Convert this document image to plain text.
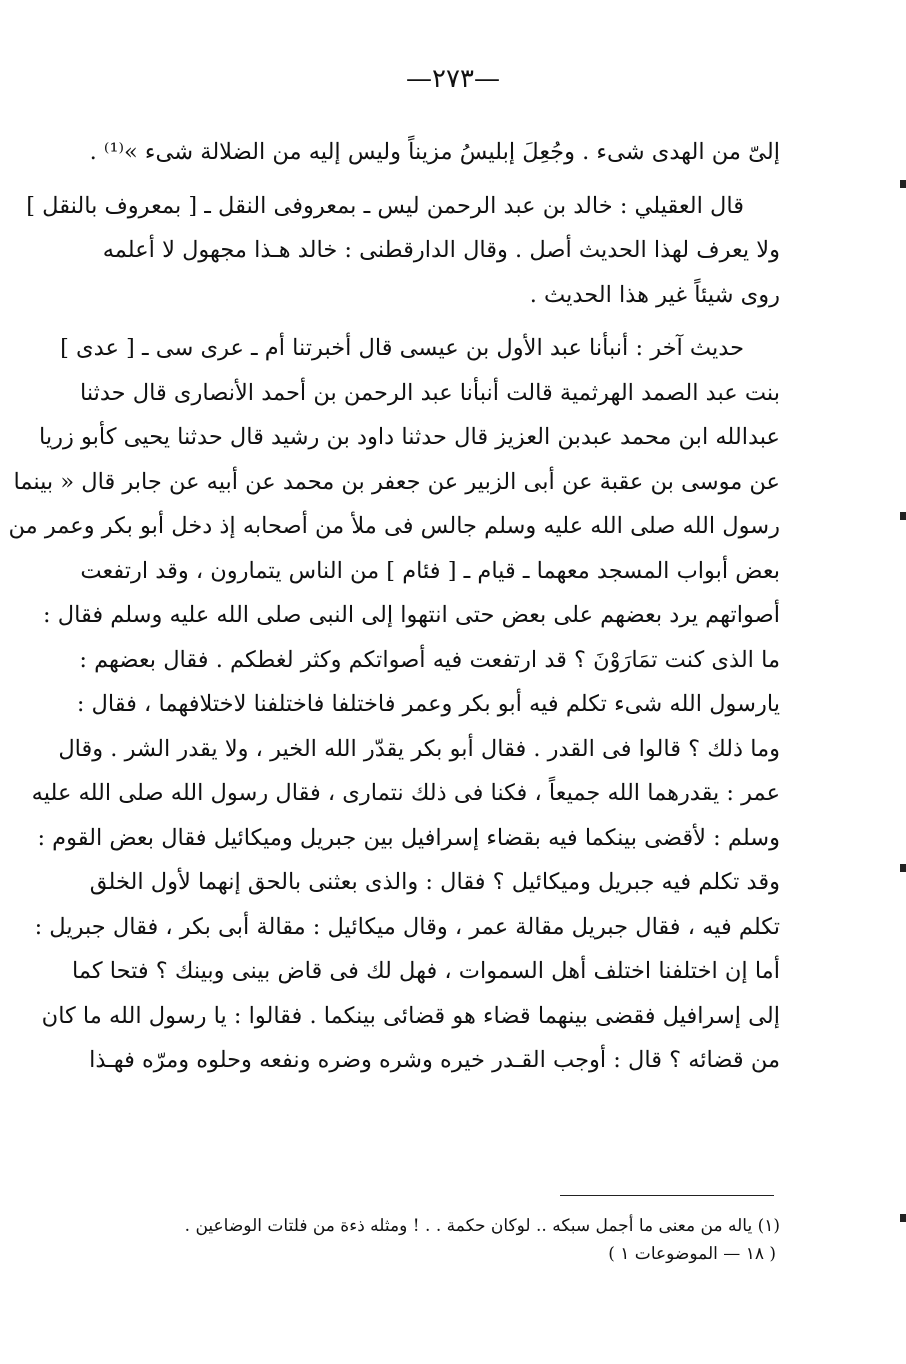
—٢٧٣—
إلىّ من الهدى شىء . وجُعِلَ إبليسُ مزيناً وليس إليه من الضلالة شىء »⁽¹⁾ .
قال العقيلي : خالد بن عبد الرحمن ليس ـ بمعروفى النقل ـ [ بمعروف بالنقل ]
ولا يعرف لهذا الحديث أصل . وقال الدارقطنى : خالد هـذا مجهول لا أعلمه
روى شيئاً غير هذا الحديث .
حديث آخر : أنبأنا عبد الأول بن عيسى قال أخبرتنا أم ـ عرى سى ـ [ عدى ]
بنت عبد الصمد الهرثمية قالت أنبأنا عبد الرحمن بن أحمد الأنصارى قال حدثنا
عبدالله ابن محمد عبدبن العزيز قال حدثنا داود بن رشيد قال حدثنا يحيى كأبو زريا
عن موسى بن عقبة عن أبى الزبير عن جعفر بن محمد عن أبيه عن جابر قال « بينما
رسول الله صلى الله عليه وسلم جالس فى ملأ من أصحابه إذ دخل أبو بكر وعمر من
بعض أبواب المسجد معهما ـ قيام ـ [ فئام ] من الناس يتمارون ، وقد ارتفعت
أصواتهم يرد بعضهم على بعض حتى انتهوا إلى النبى صلى الله عليه وسلم فقال :
ما الذى كنت تمَارَوْنَ ؟ قد ارتفعت فيه أصواتكم وكثر لغطكم . فقال بعضهم :
يارسول الله شىء تكلم فيه أبو بكر وعمر فاختلفا فاختلفنا لاختلافهما ، فقال :
وما ذلك ؟ قالوا فى القدر . فقال أبو بكر يقدّر الله الخير ، ولا يقدر الشر . وقال
عمر : يقدرهما الله جميعاً ، فكنا فى ذلك نتمارى ، فقال رسول الله صلى الله عليه
وسلم : لأقضى بينكما فيه بقضاء إسرافيل بين جبريل وميكائيل فقال بعض القوم :
وقد تكلم فيه جبريل وميكائيل ؟ فقال : والذى بعثنى بالحق إنهما لأول الخلق
تكلم فيه ، فقال جبريل مقالة عمر ، وقال ميكائيل : مقالة أبى بكر ، فقال جبريل :
أما إن اختلفنا اختلف أهل السموات ، فهل لك فى قاض بينى وبينك ؟ فتحا كما
إلى إسرافيل فقضى بينهما قضاء هو قضائى بينكما . فقالوا : يا رسول الله ما كان
من قضائه ؟ قال : أوجب القـدر خيره وشره وضره ونفعه وحلوه ومرّه فهـذا
(١) ياله من معنى ما أجمل سبكه .. لوكان حكمة . . ! ومثله ذءة من فلتات الوضاعين .
( ١٨ — الموضوعات ١ )
